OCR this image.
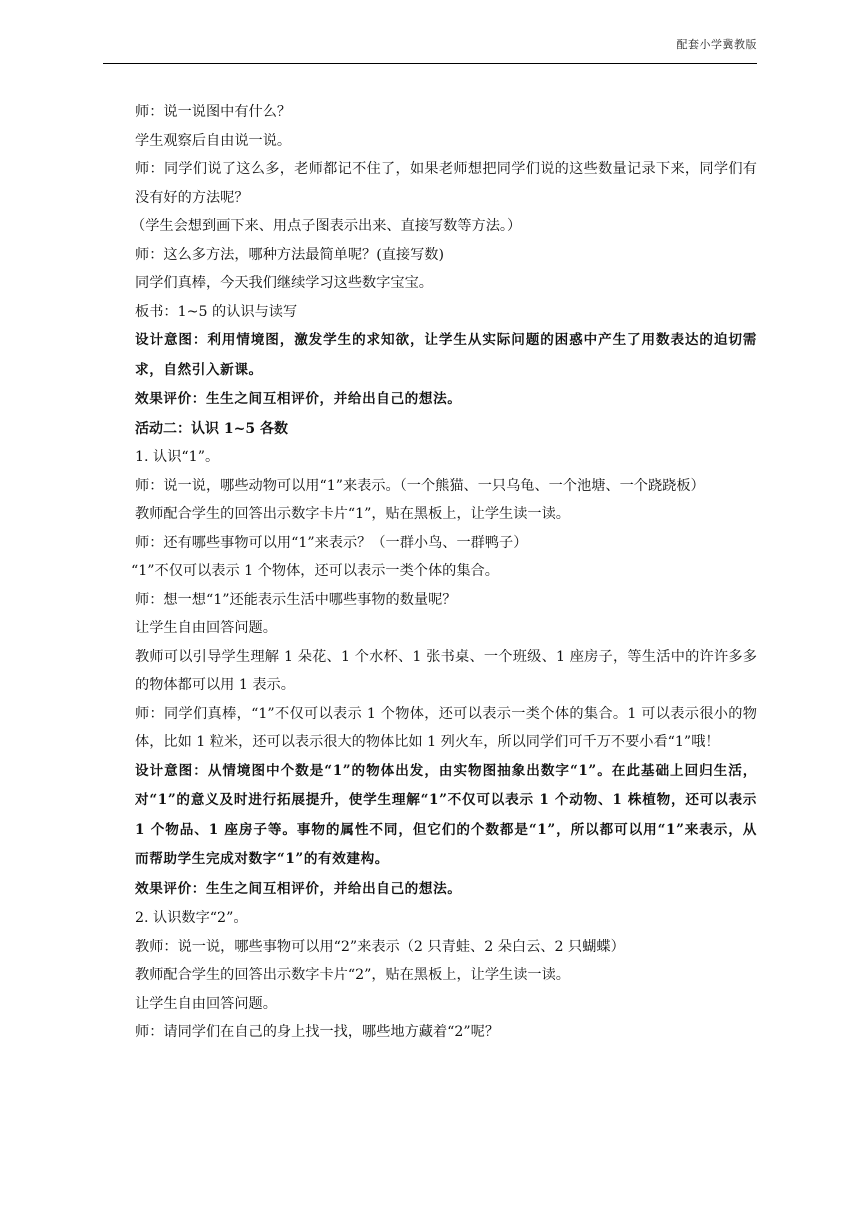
配套小学冀教版

师：说一说图中有什么？

学生观察后自由说一说。

师：同学们说了这么多，老师都记不住了，如果老师想把同学们说的这些数量记录下来，同学们有没有好的方法呢？

（学生会想到画下来、用点子图表示出来、直接写数等方法。）

师：这么多方法，哪种方法最简单呢？(直接写数)

同学们真棒，今天我们继续学习这些数字宝宝。

板书：1~5 的认识与读写

设计意图：利用情境图，激发学生的求知欲，让学生从实际问题的困惑中产生了用数表达的迫切需求，自然引入新课。

效果评价：生生之间互相评价，并给出自己的想法。

活动二：认识 1~5 各数

1. 认识“1”。

师：说一说，哪些动物可以用“1”来表示。（一个熊猫、一只乌龟、一个池塘、一个跷跷板）

教师配合学生的回答出示数字卡片“1”，贴在黑板上，让学生读一读。

师：还有哪些事物可以用“1”来表示？（一群小鸟、一群鸭子）

“1”不仅可以表示 1 个物体，还可以表示一类个体的集合。

师：想一想“1”还能表示生活中哪些事物的数量呢？

让学生自由回答问题。

教师可以引导学生理解 1 朵花、1 个水杯、1 张书桌、一个班级、1 座房子，等生活中的许许多多的物体都可以用 1 表示。

师：同学们真棒，“1”不仅可以表示 1 个物体，还可以表示一类个体的集合。1 可以表示很小的物体，比如 1 粒米，还可以表示很大的物体比如 1 列火车，所以同学们可千万不要小看“1”哦！

设计意图：从情境图中个数是“1”的物体出发，由实物图抽象出数字“1”。在此基础上回归生活，对“1”的意义及时进行拓展提升，使学生理解“1”不仅可以表示 1 个动物、1 株植物，还可以表示 1 个物品、1 座房子等。事物的属性不同，但它们的个数都是“1”，所以都可以用“1”来表示，从而帮助学生完成对数字“1”的有效建构。

效果评价：生生之间互相评价，并给出自己的想法。

2. 认识数字“2”。

教师：说一说，哪些事物可以用“2”来表示（2 只青蛙、2 朵白云、2 只蝴蝶）

教师配合学生的回答出示数字卡片“2”，贴在黑板上，让学生读一读。

让学生自由回答问题。

师：请同学们在自己的身上找一找，哪些地方藏着“2”呢？
